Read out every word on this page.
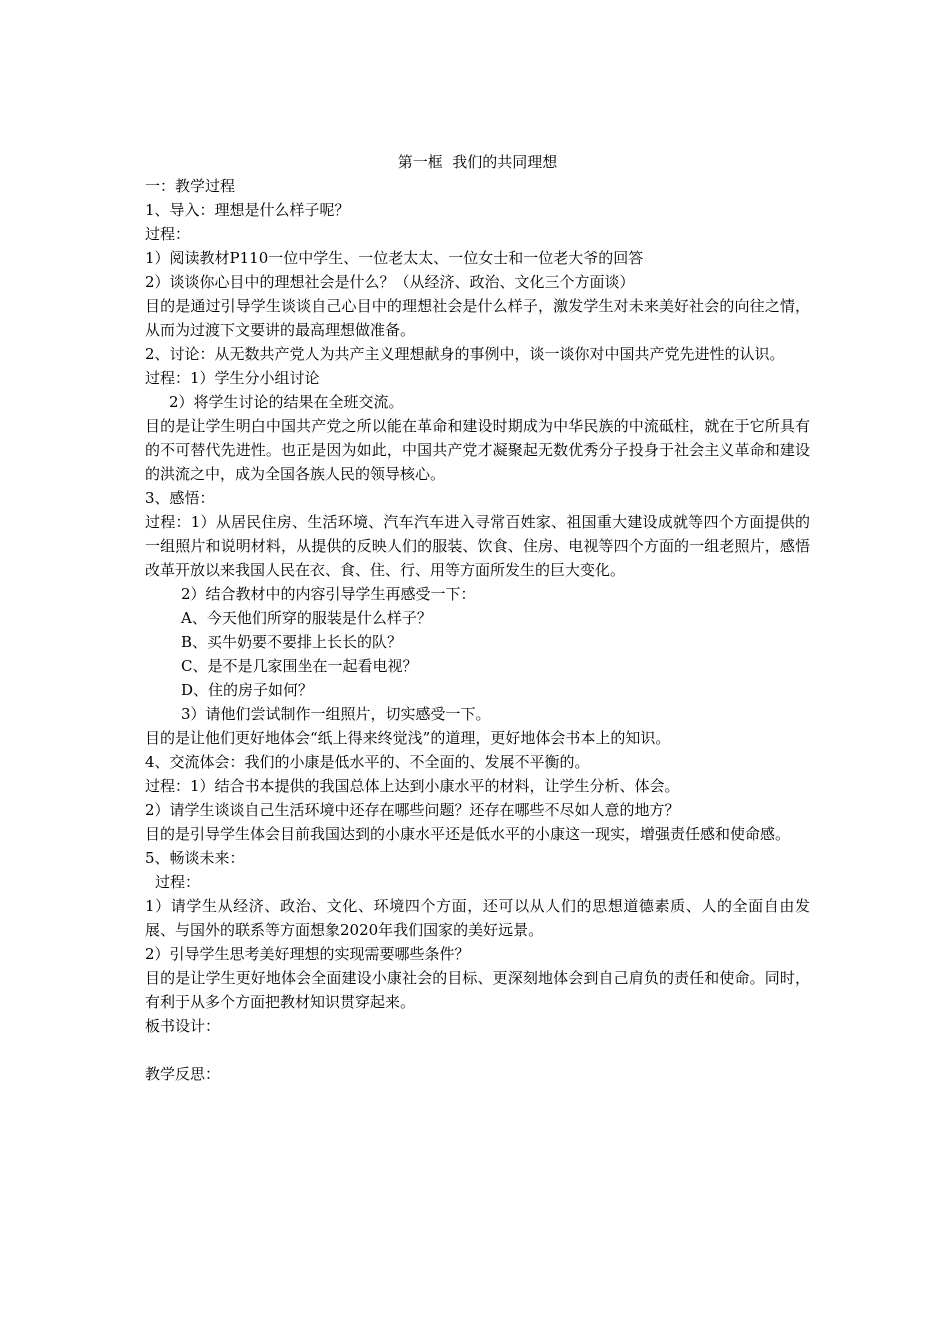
第一框  我们的共同理想

一：教学过程

1、导入：理想是什么样子呢？

过程：

1）阅读教材P110一位中学生、一位老太太、一位女士和一位老大爷的回答

2）谈谈你心目中的理想社会是什么？（从经济、政治、文化三个方面谈）

目的是通过引导学生谈谈自己心目中的理想社会是什么样子，激发学生对未来美好社会的向往之情，从而为过渡下文要讲的最高理想做准备。

2、讨论：从无数共产党人为共产主义理想献身的事例中，谈一谈你对中国共产党先进性的认识。

过程：1）学生分小组讨论

2）将学生讨论的结果在全班交流。

目的是让学生明白中国共产党之所以能在革命和建设时期成为中华民族的中流砥柱，就在于它所具有的不可替代先进性。也正是因为如此，中国共产党才凝聚起无数优秀分子投身于社会主义革命和建设的洪流之中，成为全国各族人民的领导核心。

3、感悟：

过程：1）从居民住房、生活环境、汽车汽车进入寻常百姓家、祖国重大建设成就等四个方面提供的一组照片和说明材料，从提供的反映人们的服装、饮食、住房、电视等四个方面的一组老照片，感悟改革开放以来我国人民在衣、食、住、行、用等方面所发生的巨大变化。

2）结合教材中的内容引导学生再感受一下：

A、今天他们所穿的服装是什么样子？

B、买牛奶要不要排上长长的队？

C、是不是几家围坐在一起看电视？

D、住的房子如何？

3）请他们尝试制作一组照片，切实感受一下。

目的是让他们更好地体会“纸上得来终觉浅”的道理，更好地体会书本上的知识。

4、交流体会：我们的小康是低水平的、不全面的、发展不平衡的。

过程：1）结合书本提供的我国总体上达到小康水平的材料，让学生分析、体会。

2）请学生谈谈自己生活环境中还存在哪些问题？还存在哪些不尽如人意的地方？

目的是引导学生体会目前我国达到的小康水平还是低水平的小康这一现实，增强责任感和使命感。

5、畅谈未来：

过程：

1）请学生从经济、政治、文化、环境四个方面，还可以从人们的思想道德素质、人的全面自由发展、与国外的联系等方面想象2020年我们国家的美好远景。

2）引导学生思考美好理想的实现需要哪些条件？

目的是让学生更好地体会全面建设小康社会的目标、更深刻地体会到自己肩负的责任和使命。同时，有利于从多个方面把教材知识贯穿起来。

板书设计：

教学反思：
